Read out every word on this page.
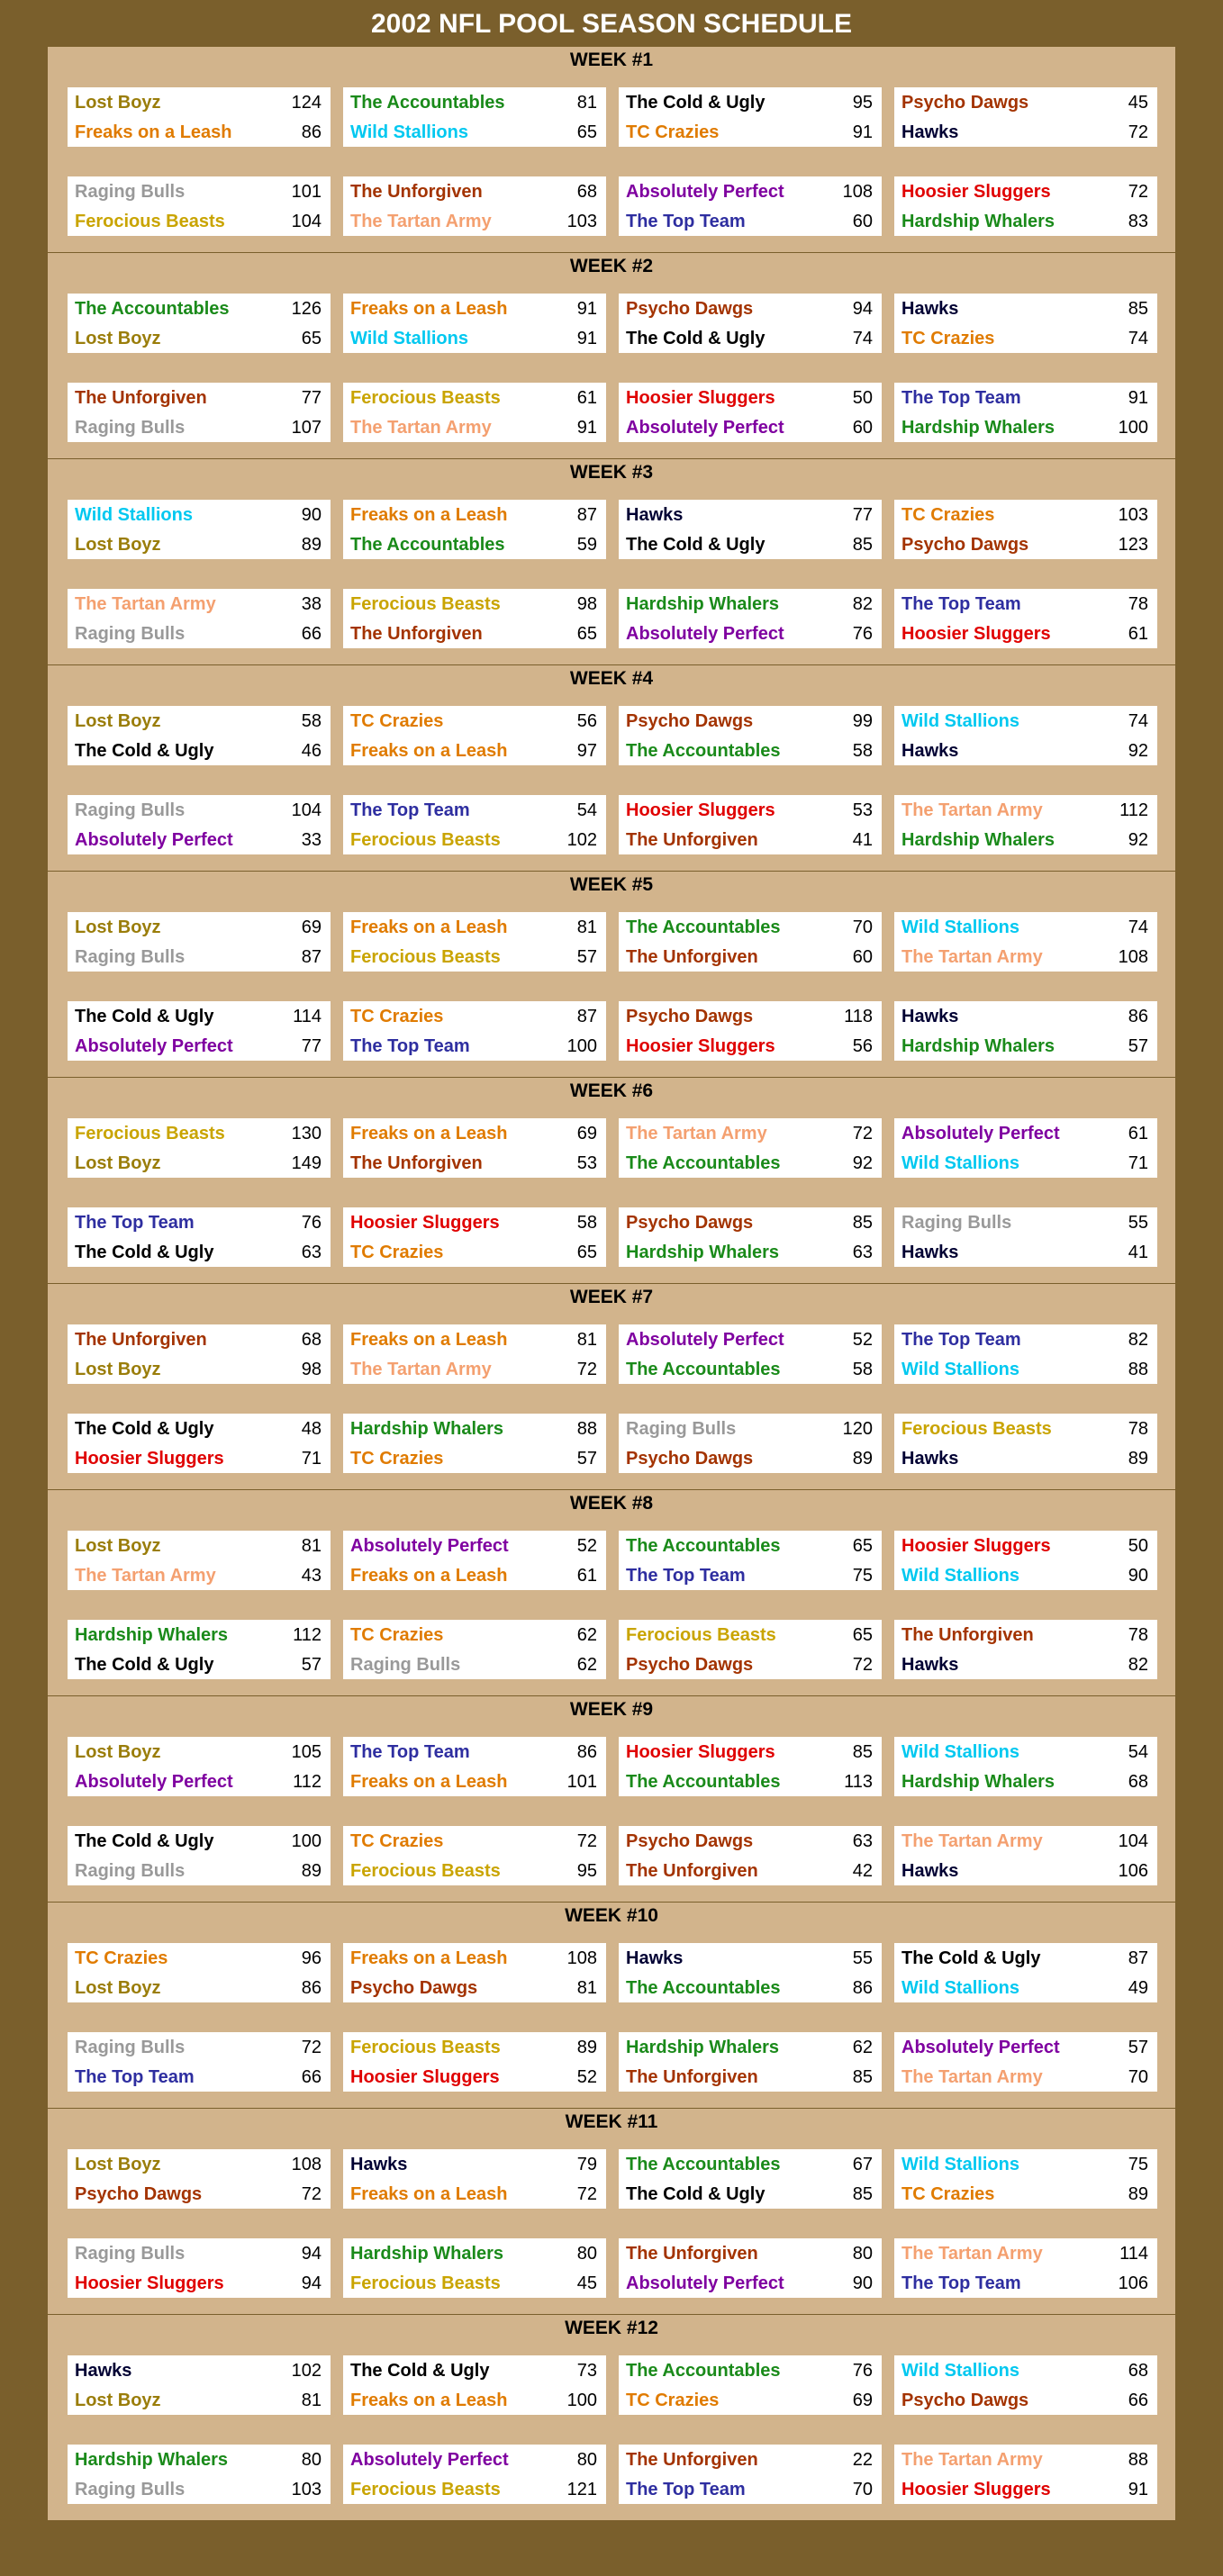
2002 NFL POOL SEASON SCHEDULE
WEEK #1
Lost Boyz	124
Freaks on a Leash	86
The Accountables	81
Wild Stallions	65
The Cold & Ugly	95
TC Crazies	91
Psycho Dawgs	45
Hawks	72
Raging Bulls	101
Ferocious Beasts	104
The Unforgiven	68
The Tartan Army	103
Absolutely Perfect	108
The Top Team	60
Hoosier Sluggers	72
Hardship Whalers	83
WEEK #2
The Accountables	126
Lost Boyz	65
Freaks on a Leash	91
Wild Stallions	91
Psycho Dawgs	94
The Cold & Ugly	74
Hawks	85
TC Crazies	74
The Unforgiven	77
Raging Bulls	107
Ferocious Beasts	61
The Tartan Army	91
Hoosier Sluggers	50
Absolutely Perfect	60
The Top Team	91
Hardship Whalers	100
WEEK #3
Wild Stallions	90
Lost Boyz	89
Freaks on a Leash	87
The Accountables	59
Hawks	77
The Cold & Ugly	85
TC Crazies	103
Psycho Dawgs	123
The Tartan Army	38
Raging Bulls	66
Ferocious Beasts	98
The Unforgiven	65
Hardship Whalers	82
Absolutely Perfect	76
The Top Team	78
Hoosier Sluggers	61
WEEK #4
Lost Boyz	58
The Cold & Ugly	46
TC Crazies	56
Freaks on a Leash	97
Psycho Dawgs	99
The Accountables	58
Wild Stallions	74
Hawks	92
Raging Bulls	104
Absolutely Perfect	33
The Top Team	54
Ferocious Beasts	102
Hoosier Sluggers	53
The Unforgiven	41
The Tartan Army	112
Hardship Whalers	92
WEEK #5
Lost Boyz	69
Raging Bulls	87
Freaks on a Leash	81
Ferocious Beasts	57
The Accountables	70
The Unforgiven	60
Wild Stallions	74
The Tartan Army	108
The Cold & Ugly	114
Absolutely Perfect	77
TC Crazies	87
The Top Team	100
Psycho Dawgs	118
Hoosier Sluggers	56
Hawks	86
Hardship Whalers	57
WEEK #6
Ferocious Beasts	130
Lost Boyz	149
Freaks on a Leash	69
The Unforgiven	53
The Tartan Army	72
The Accountables	92
Absolutely Perfect	61
Wild Stallions	71
The Top Team	76
The Cold & Ugly	63
Hoosier Sluggers	58
TC Crazies	65
Psycho Dawgs	85
Hardship Whalers	63
Raging Bulls	55
Hawks	41
WEEK #7
The Unforgiven	68
Lost Boyz	98
Freaks on a Leash	81
The Tartan Army	72
Absolutely Perfect	52
The Accountables	58
The Top Team	82
Wild Stallions	88
The Cold & Ugly	48
Hoosier Sluggers	71
Hardship Whalers	88
TC Crazies	57
Raging Bulls	120
Psycho Dawgs	89
Ferocious Beasts	78
Hawks	89
WEEK #8
Lost Boyz	81
The Tartan Army	43
Absolutely Perfect	52
Freaks on a Leash	61
The Accountables	65
The Top Team	75
Hoosier Sluggers	50
Wild Stallions	90
Hardship Whalers	112
The Cold & Ugly	57
TC Crazies	62
Raging Bulls	62
Ferocious Beasts	65
Psycho Dawgs	72
The Unforgiven	78
Hawks	82
WEEK #9
Lost Boyz	105
Absolutely Perfect	112
The Top Team	86
Freaks on a Leash	101
Hoosier Sluggers	85
The Accountables	113
Wild Stallions	54
Hardship Whalers	68
The Cold & Ugly	100
Raging Bulls	89
TC Crazies	72
Ferocious Beasts	95
Psycho Dawgs	63
The Unforgiven	42
The Tartan Army	104
Hawks	106
WEEK #10
TC Crazies	96
Lost Boyz	86
Freaks on a Leash	108
Psycho Dawgs	81
Hawks	55
The Accountables	86
The Cold & Ugly	87
Wild Stallions	49
Raging Bulls	72
The Top Team	66
Ferocious Beasts	89
Hoosier Sluggers	52
Hardship Whalers	62
The Unforgiven	85
Absolutely Perfect	57
The Tartan Army	70
WEEK #11
Lost Boyz	108
Psycho Dawgs	72
Hawks	79
Freaks on a Leash	72
The Accountables	67
The Cold & Ugly	85
Wild Stallions	75
TC Crazies	89
Raging Bulls	94
Hoosier Sluggers	94
Hardship Whalers	80
Ferocious Beasts	45
The Unforgiven	80
Absolutely Perfect	90
The Tartan Army	114
The Top Team	106
WEEK #12
Hawks	102
Lost Boyz	81
The Cold & Ugly	73
Freaks on a Leash	100
The Accountables	76
TC Crazies	69
Wild Stallions	68
Psycho Dawgs	66
Hardship Whalers	80
Raging Bulls	103
Absolutely Perfect	80
Ferocious Beasts	121
The Unforgiven	22
The Top Team	70
The Tartan Army	88
Hoosier Sluggers	91
